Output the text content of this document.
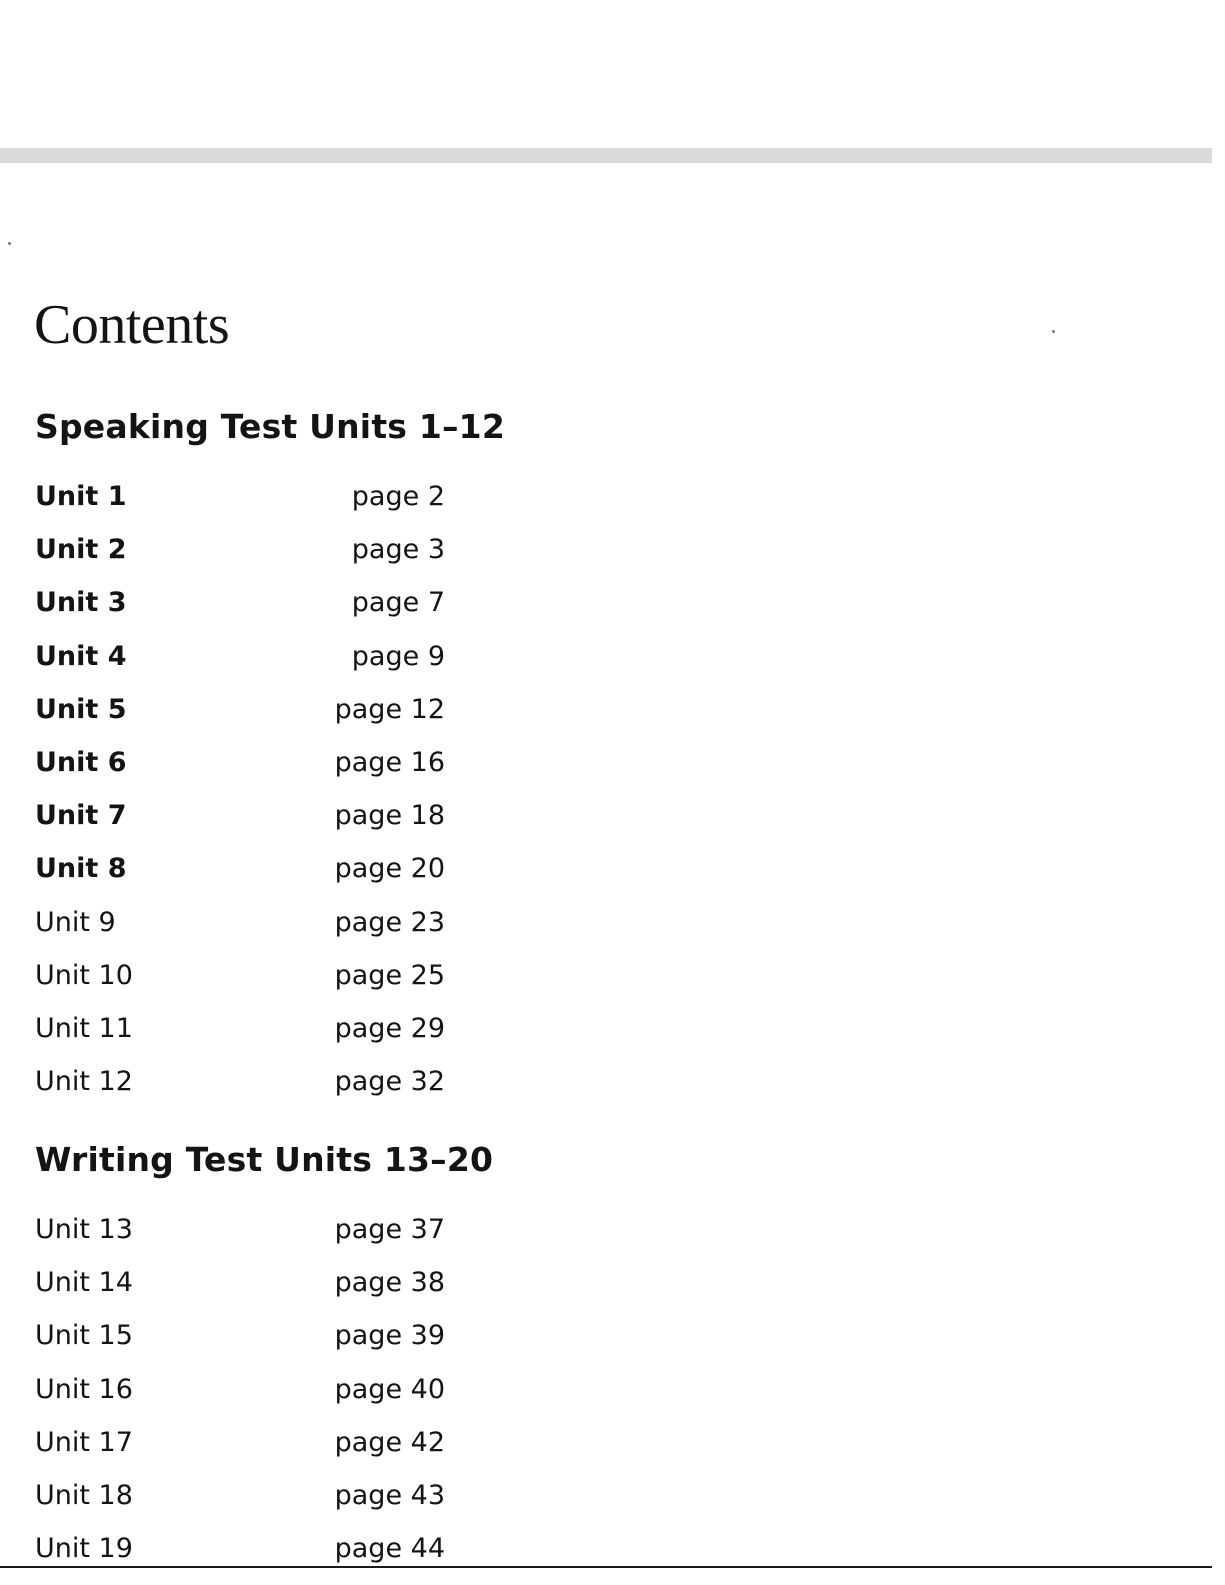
Contents
Speaking Test Units 1–12
Unit 1	page 2
Unit 2	page 3
Unit 3	page 7
Unit 4	page 9
Unit 5	page 12
Unit 6	page 16
Unit 7	page 18
Unit 8	page 20
Unit 9	page 23
Unit 10	page 25
Unit 11	page 29
Unit 12	page 32
Writing Test Units 13–20
Unit 13	page 37
Unit 14	page 38
Unit 15	page 39
Unit 16	page 40
Unit 17	page 42
Unit 18	page 43
Unit 19	page 44
